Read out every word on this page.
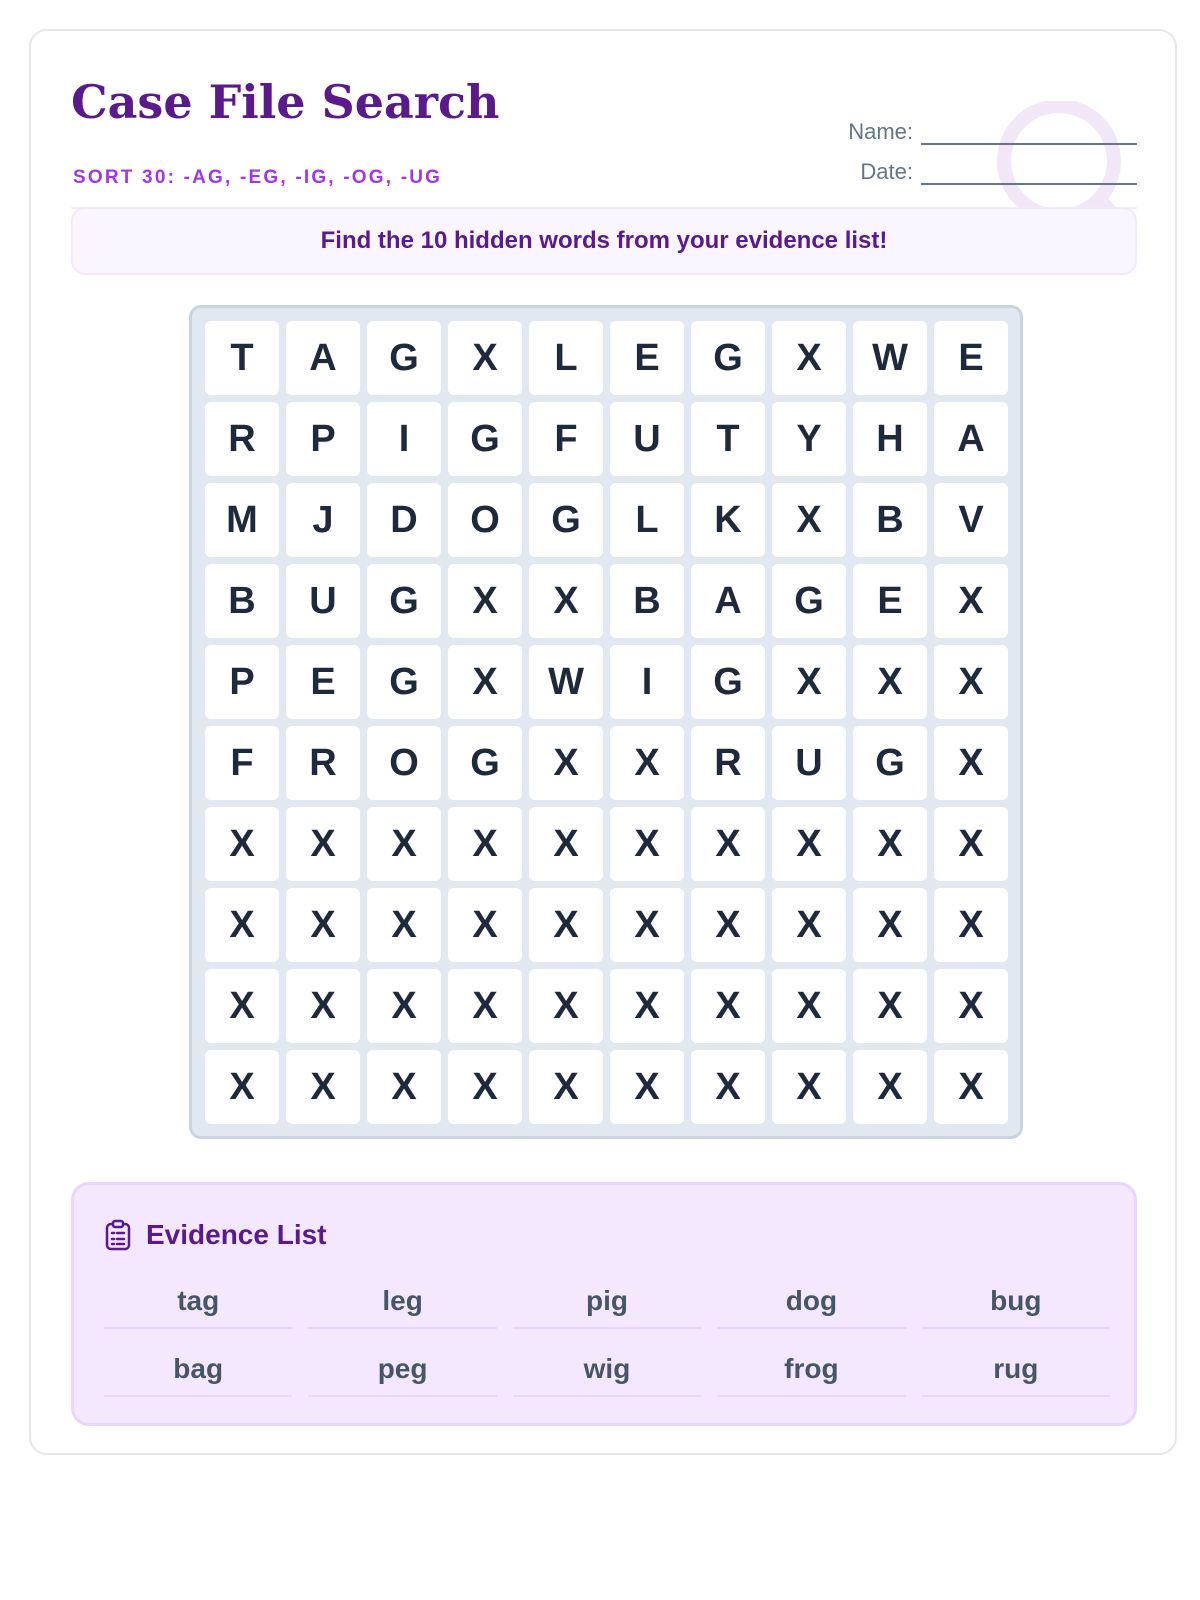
Case File Search
SORT 30: -AG, -EG, -IG, -OG, -UG
Name:
Date:
Find the 10 hidden words from your evidence list!
T	A	G	X	L	E	G	X	W	E
R	P	I	G	F	U	T	Y	H	A
M	J	D	O	G	L	K	X	B	V
B	U	G	X	X	B	A	G	E	X
P	E	G	X	W	I	G	X	X	X
F	R	O	G	X	X	R	U	G	X
X	X	X	X	X	X	X	X	X	X
X	X	X	X	X	X	X	X	X	X
X	X	X	X	X	X	X	X	X	X
X	X	X	X	X	X	X	X	X	X
Evidence List
tag	leg	pig	dog	bug
bag	peg	wig	frog	rug
